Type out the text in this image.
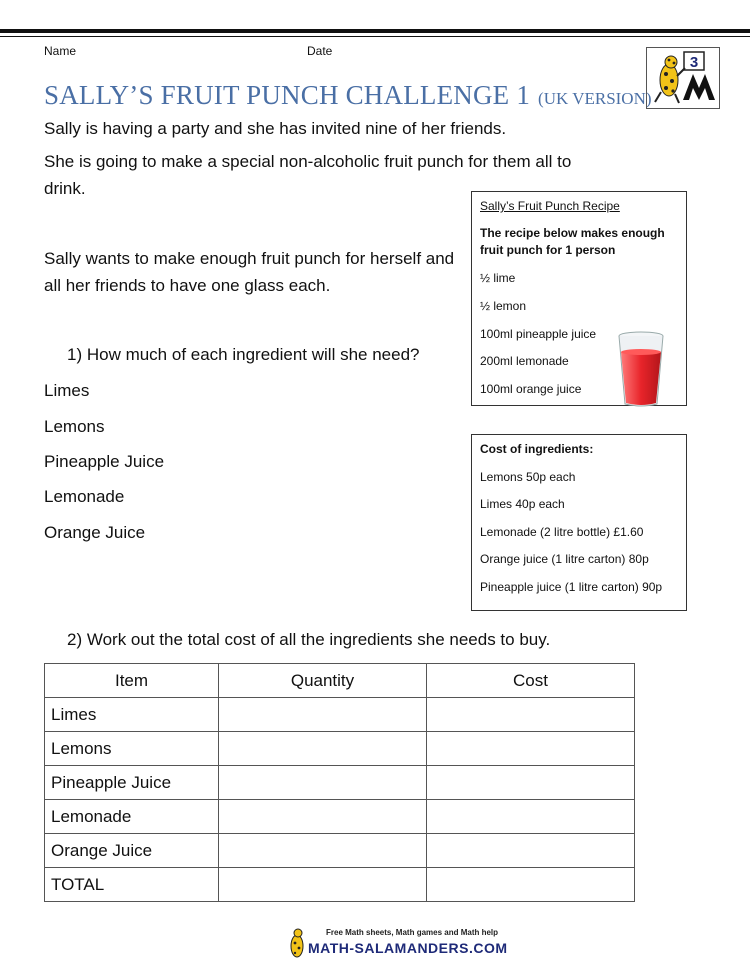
Name	Date
SALLY’S FRUIT PUNCH CHALLENGE 1 (UK VERSION)
3

Sally is having a party and she has invited nine of her friends.

She is going to make a special non-alcoholic fruit punch for them all to drink.

Sally wants to make enough fruit punch for herself and all her friends to have one glass each.

Sally’s Fruit Punch Recipe
The recipe below makes enough fruit punch for 1 person
½ lime
½ lemon
100ml pineapple juice
200ml lemonade
100ml orange juice
Cost of ingredients:
Lemons 50p each
Limes 40p each
Lemonade (2 litre bottle) £1.60
Orange juice (1 litre carton) 80p
Pineapple juice (1 litre carton) 90p
1) How much of each ingredient will she need?
Limes
Lemons
Pineapple Juice
Lemonade
Orange Juice
2) Work out the total cost of all the ingredients she needs to buy.
Item	Quantity	Cost
Limes		
Lemons		
Pineapple Juice		
Lemonade		
Orange Juice		
TOTAL		
Free Math sheets, Math games and Math help
MATH-SALAMANDERS.COM
